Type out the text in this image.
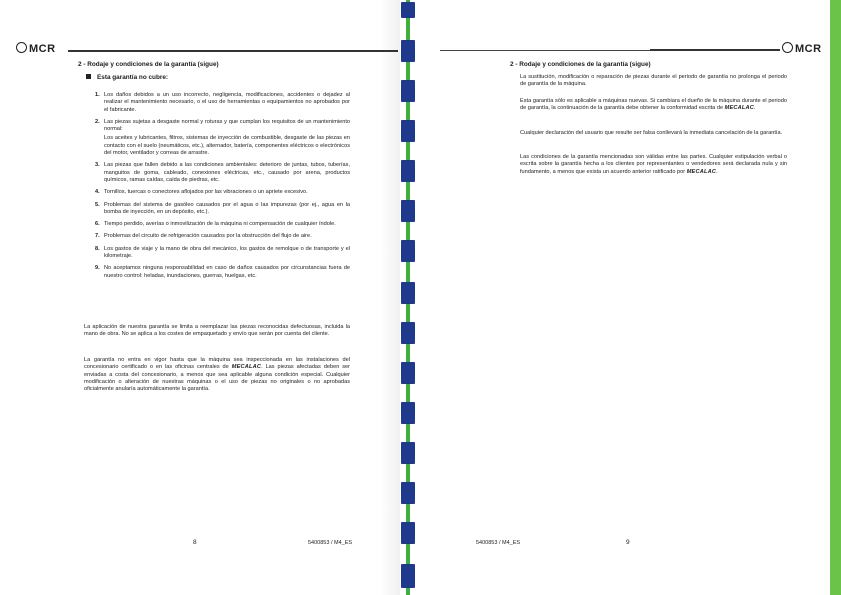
MCR
2 - Rodaje y condiciones de la garantía (sigue)
Esta garantía no cubre:
1. Los daños debidos a un uso incorrecto, negligencia, modificaciones, accidentes o dejadez al realizar el mantenimiento necesario, o el uso de herramientas o equipamientos no aprobados por el fabricante.
2. Las piezas sujetas a desgaste normal y roturas y que cumplan los requisitos de un mantenimiento normal:
Los aceites y lubricantes, filtros, sistemas de inyección de combustible, desgaste de las piezas en contacto con el suelo (neumáticos, etc.), alternador, batería, componentes eléctricos o electrónicos del motor, ventilador y correas de arrastre.
3. Las piezas que fallen debido a las condiciones ambientales: deterioro de juntas, tubos, tuberías, manguitos de goma, cableado, conexiones eléctricas, etc., causado por arena, productos químicos, ramas caídas, caída de piedras, etc.
4. Tornillos, tuercas o conectores aflojados por las vibraciones o un apriete excesivo.
5. Problemas del sistema de gasóleo causados por el agua o las impurezas (por ej., agua en la bomba de inyección, en un depósito, etc.).
6. Tiempo perdido, averías o inmovilización de la máquina ni compensación de cualquier índole.
7. Problemas del circuito de refrigeración causados por la obstrucción del flujo de aire.
8. Los gastos de viaje y la mano de obra del mecánico, los gastos de remolque o de transporte y el kilometraje.
9. No aceptamos ninguna responsabilidad en caso de daños causados por circunstancias fuera de nuestro control: heladas, inundaciones, guerras, huelgas, etc.
La aplicación de nuestra garantía se limita a reemplazar las piezas reconocidas defectuosas, incluida la mano de obra. No se aplica a los costes de empaquetado y envío que serán por cuenta del cliente.
La garantía no entra en vigor hasta que la máquina sea inspeccionada en las instalaciones del concesionario certificado o en las oficinas centrales de MECALAC. Las piezas afectadas deben ser enviadas a costa del concesionario, a menos que sea aplicable alguna condición especial. Cualquier modificación o alteración de nuestras máquinas o el uso de piezas no originales o no aprobadas oficialmente anularía automáticamente la garantía.
8	5400853 / M4_ES
MCR
2 - Rodaje y condiciones de la garantía (sigue)
La sustitución, modificación o reparación de piezas durante el periodo de garantía no prolonga el periodo de garantía de la máquina.
Esta garantía sólo es aplicable a máquinas nuevas. Si cambiara el dueño de la máquina durante el periodo de garantía, la continuación de la garantía debe obtener la conformidad escrita de MECALAC.
Cualquier declaración del usuario que resulte ser falsa conllevará la inmediata cancelación de la garantía.
Las condiciones de la garantía mencionadas son válidas entre las partes. Cualquier estipulación verbal o escrita sobre la garantía hecha a los clientes por representantes o vendedores será declarada nula y sin fundamento, a menos que exista un acuerdo anterior ratificado por MECALAC.
5400853 / M4_ES	9
